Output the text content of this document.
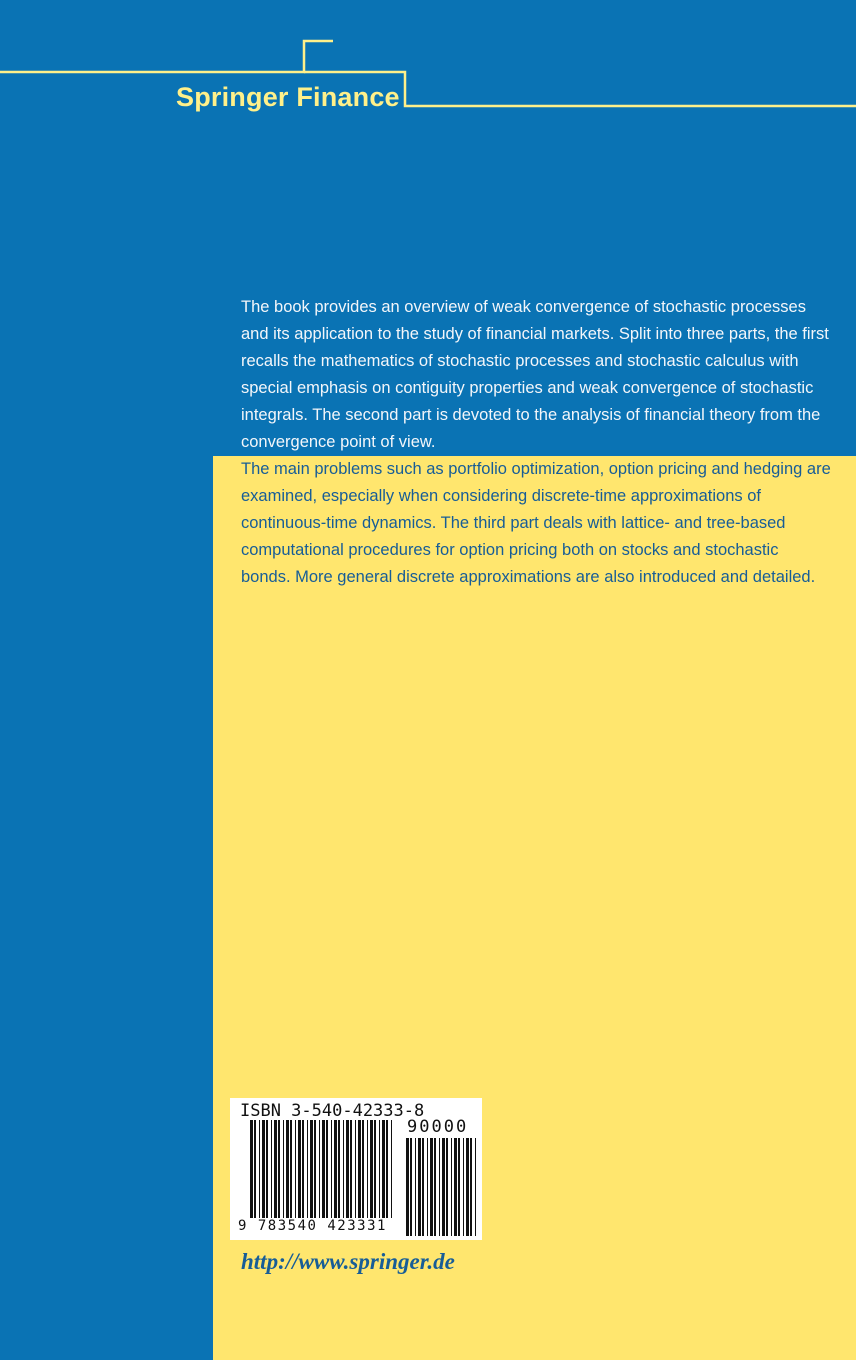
Springer Finance

The book provides an overview of weak convergence of stochastic processes and its application to the study of financial markets. Split into three parts, the first recalls the mathematics of stochastic processes and stochastic calculus with special emphasis on contiguity properties and weak convergence of stochastic integrals. The second part is devoted to the analysis of financial theory from the convergence point of view.

The main problems such as portfolio optimization, option pricing and hedging are examined, especially when considering discrete-time approximations of continuous-time dynamics. The third part deals with lattice- and tree-based computational procedures for option pricing both on stocks and stochastic bonds. More general discrete approximations are also introduced and detailed.

ISBN 3-540-42333-8

90000

9 783540 423331

http://www.springer.de
